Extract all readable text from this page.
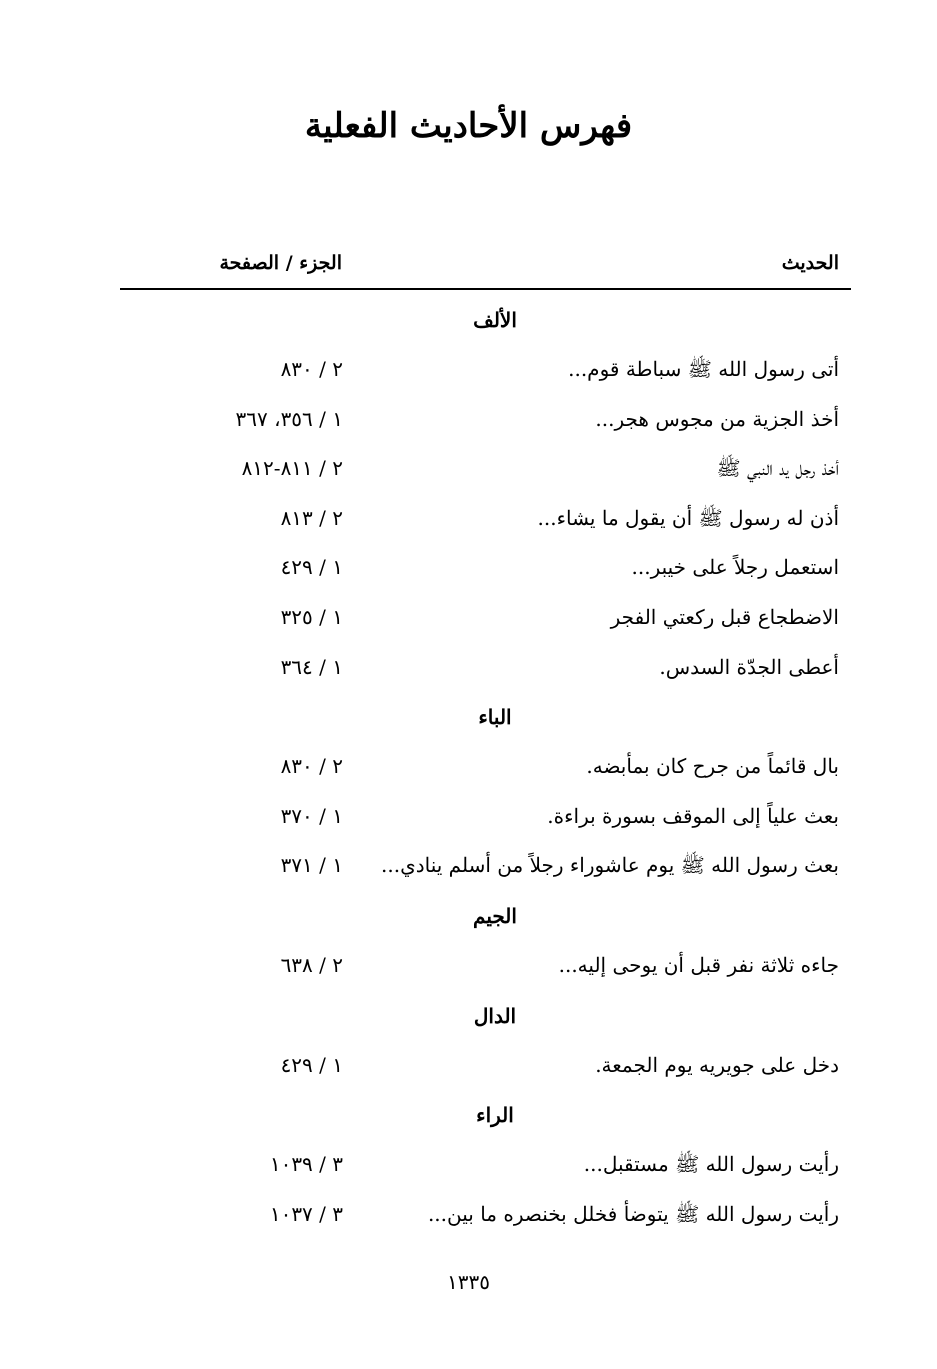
فهرس الأحاديث الفعلية
الحديث
الجزء / الصفحة
الألف
أتى رسول الله ﷺ سباطة قوم...
٢ / ٨٣٠
أخذ الجزية من مجوس هجر...
١ / ٣٥٦، ٣٦٧
أخذ رجل يد النبي ﷺ
٢ / ٨١١-٨١٢
أذن له رسول ﷺ أن يقول ما يشاء...
٢ / ٨١٣
استعمل رجلاً على خيبر...
١ / ٤٢٩
الاضطجاع قبل ركعتي الفجر
١ / ٣٢٥
أعطى الجدّة السدس.
١ / ٣٦٤
الباء
بال قائماً من جرح كان بمأبضه.
٢ / ٨٣٠
بعث علياً إلى الموقف بسورة براءة.
١ / ٣٧٠
بعث رسول الله ﷺ يوم عاشوراء رجلاً من أسلم ينادي...
١ / ٣٧١
الجيم
جاءه ثلاثة نفر قبل أن يوحى إليه...
٢ / ٦٣٨
الدال
دخل على جويريه يوم الجمعة.
١ / ٤٢٩
الراء
رأيت رسول الله ﷺ مستقبل...
٣ / ١٠٣٩
رأيت رسول الله ﷺ يتوضأ فخلل بخنصره ما بين...
٣ / ١٠٣٧
١٣٣٥
